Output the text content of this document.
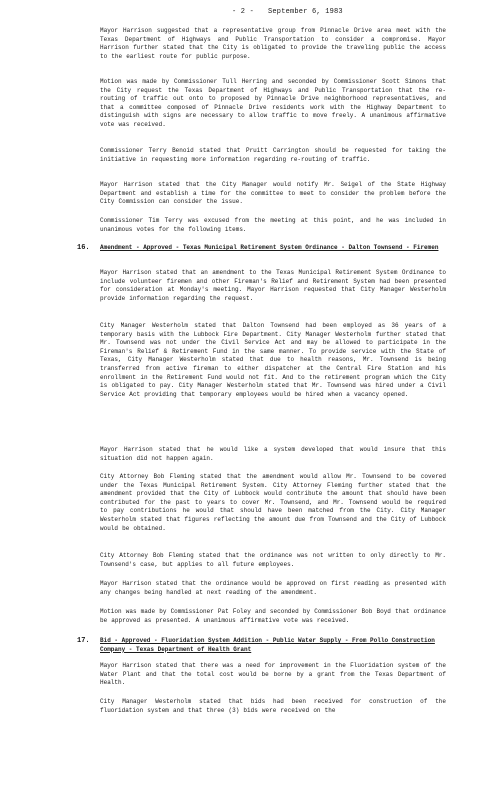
- 2 - September 6, 1983
Mayor Harrison suggested that a representative group from Pinnacle Drive area meet with the Texas Department of Highways and Public Transportation to consider a compromise. Mayor Harrison further stated that the City is obligated to provide the traveling public the access to the earliest route for public purpose.
Motion was made by Commissioner Tull Herring and seconded by Commissioner Scott Simons that the City request the Texas Department of Highways and Public Transportation that the re-routing of traffic out onto to proposed by Pinnacle Drive neighborhood representatives, and that a committee composed of Pinnacle Drive residents work with the Highway Department to distinguish with signs are necessary to allow traffic to move freely. A unanimous affirmative vote was received.
Commissioner Terry Benoid stated that Pruitt Carrington should be requested for taking the initiative in requesting more information regarding re-routing of traffic.
Mayor Harrison stated that the City Manager would notify Mr. Seigel of the State Highway Department and establish a time for the committee to meet to consider the problem before the City Commission can consider the issue.
Commissioner Tim Terry was excused from the meeting at this point, and he was included in unanimous votes for the following items.
16. Amendment - Approved - Texas Municipal Retirement System Ordinance - Dalton Townsend - Firemen
Mayor Harrison stated that an amendment to the Texas Municipal Retirement System Ordinance to include volunteer firemen and other Fireman's Relief and Retirement System had been presented for consideration at Monday's meeting. Mayor Harrison requested that City Manager Westerholm provide information regarding the request.
City Manager Westerholm stated that Dalton Townsend had been employed as 36 years of a temporary basis with the Lubbock Fire Department. City Manager Westerholm further stated that Mr. Townsend was not under the Civil Service Act and may be allowed to participate in the Fireman's Relief & Retirement Fund in the same manner. To provide service with the State of Texas, City Manager Westerholm stated that due to health reasons, Mr. Townsend is being transferred from active fireman to either dispatcher at the Central Fire Station and his enrollment in the Retirement Fund would not fit. And to the retirement program which the City is obligated to pay. City Manager Westerholm stated that Mr. Townsend was hired under a Civil Service Act providing that temporary employees would be hired when a vacancy opened.
Mayor Harrison stated that he would like a system developed that would insure that this situation did not happen again.
City Attorney Bob Fleming stated that the amendment would allow Mr. Townsend to be covered under the Texas Municipal Retirement System. City Attorney Fleming further stated that the amendment provided that the City of Lubbock would contribute the amount that should have been contributed for the past to years to cover Mr. Townsend, and Mr. Townsend would be required to pay contributions he would that should have been matched from the City. City Manager Westerholm stated that figures reflecting the amount due from Townsend and the City of Lubbock would be obtained.
City Attorney Bob Fleming stated that the ordinance was not written to only directly to Mr. Townsend's case, but applies to all future employees.
Mayor Harrison stated that the ordinance would be approved on first reading as presented with any changes being handled at next reading of the amendment.
Motion was made by Commissioner Pat Foley and seconded by Commissioner Bob Boyd that ordinance be approved as presented. A unanimous affirmative vote was received.
17. Bid - Approved - Fluoridation System Addition - Public Water Supply - From Pollo Construction Company - Texas Department of Health Grant
Mayor Harrison stated that there was a need for improvement in the Fluoridation system of the Water Plant and that the total cost would be borne by a grant from the Texas Department of Health.
City Manager Westerholm stated that bids had been received for construction of the fluoridation system and that three (3) bids were received on the
